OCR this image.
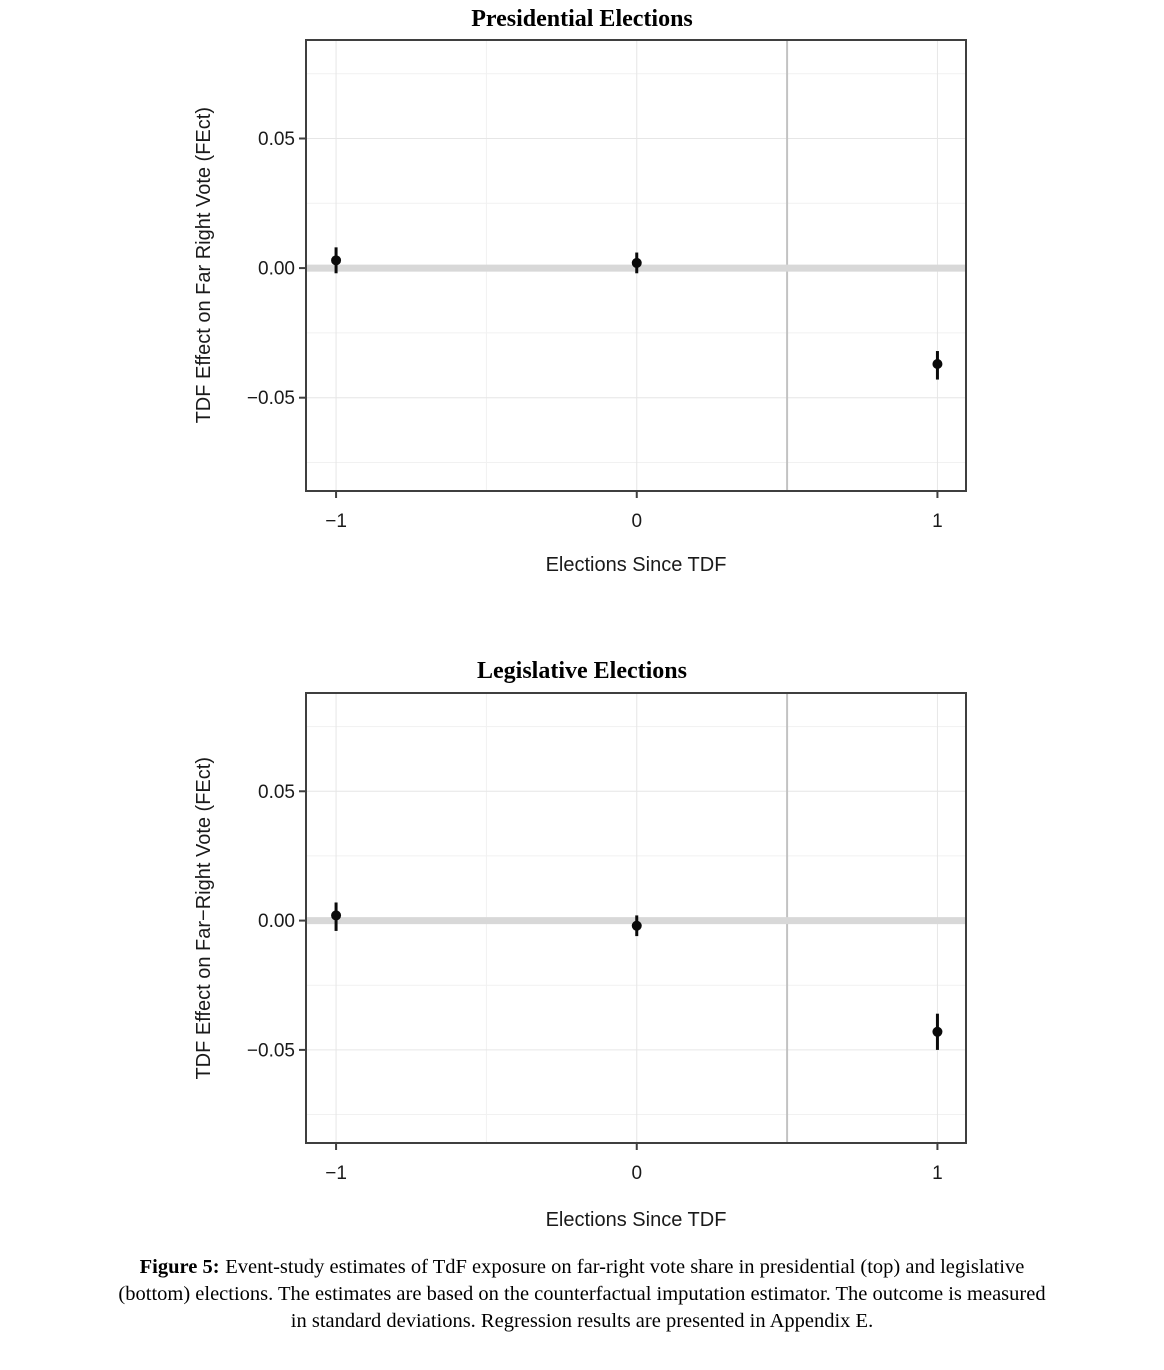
Presidential Elections
TDF Effect on Far Right Vote (FEct) 0.05
0.00
−0.05
−1	0	1
Elections Since TDF
Legislative Elections
TDF Effect on Far−Right Vote (FEct) 0.05
0.00
−0.05
−1	0	1
Elections Since TDF
Figure 5: Event-study estimates of TdF exposure on far-right vote share in presidential (top) and legislative
(bottom) elections. The estimates are based on the counterfactual imputation estimator. The outcome is measured
in standard deviations. Regression results are presented in Appendix E.
